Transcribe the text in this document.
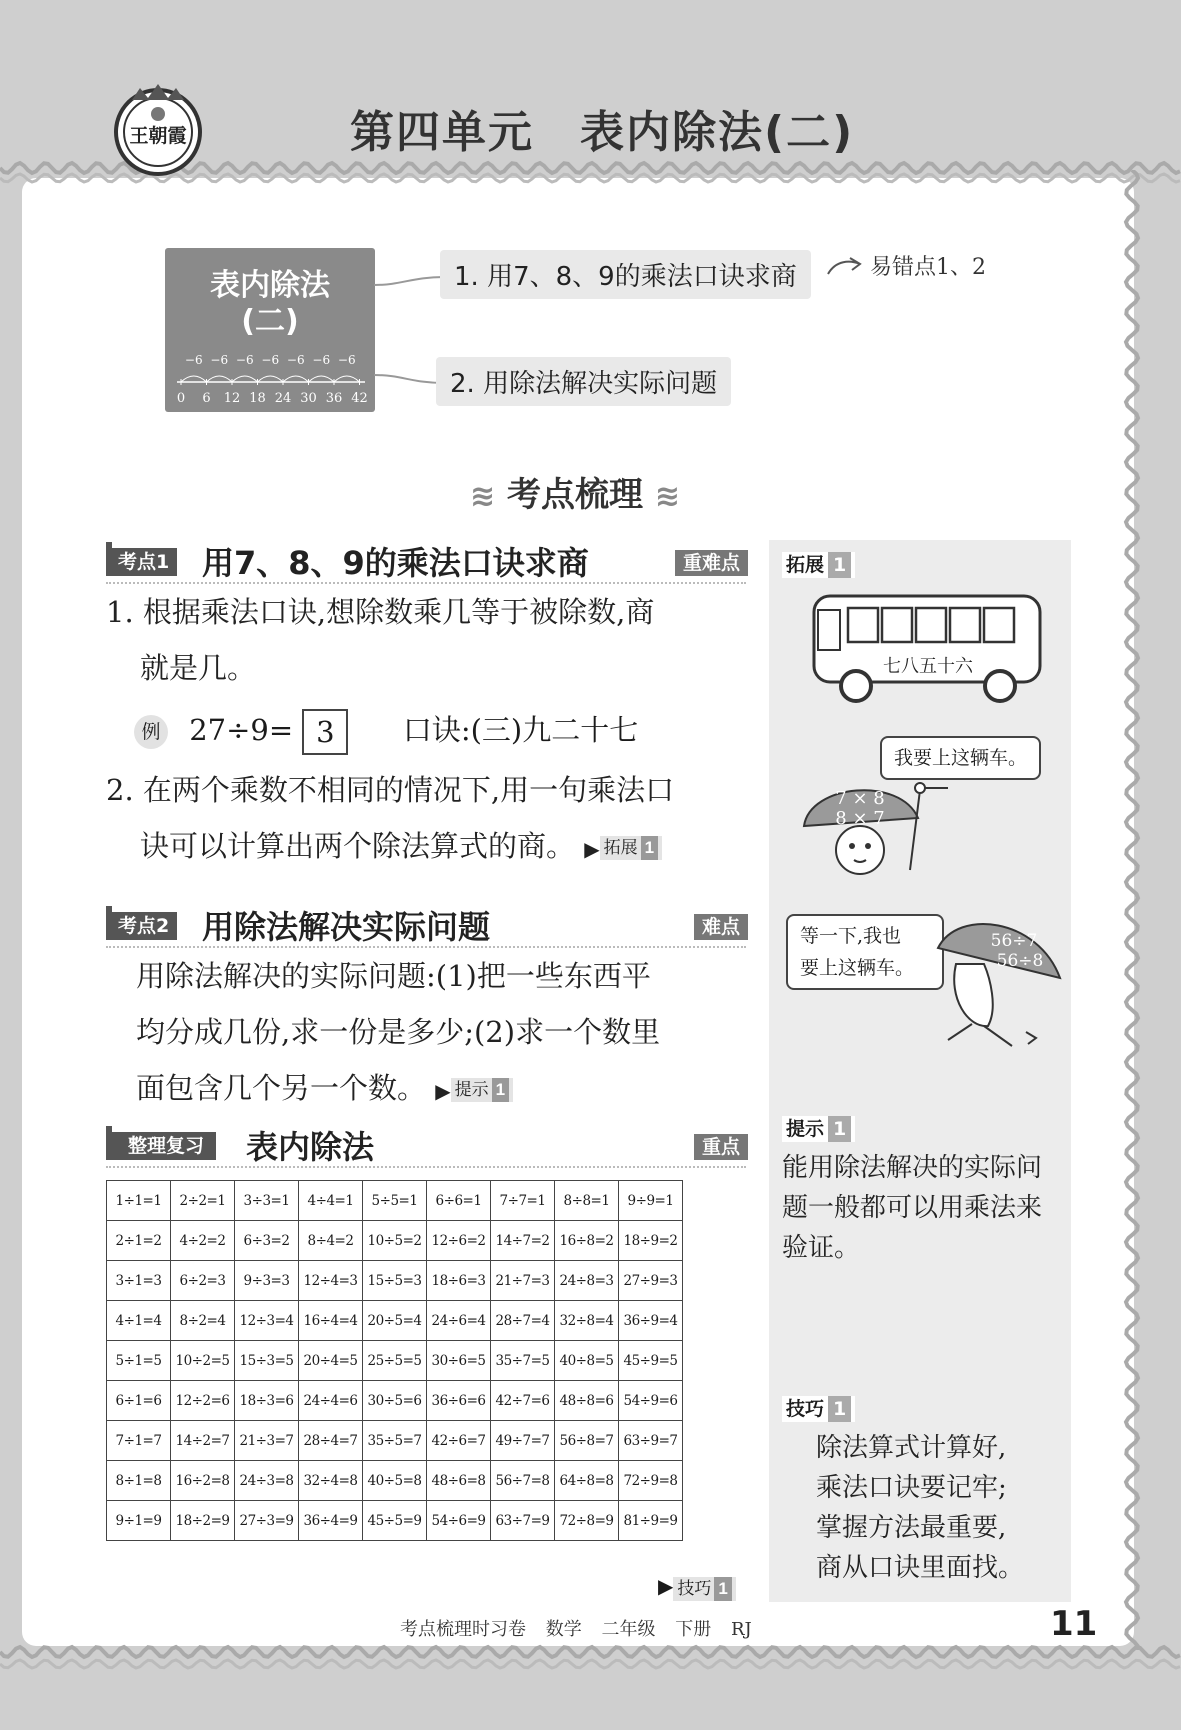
王朝霞	第四单元 表内除法(二)
表内除法
(二)
−6 −6 −6 −6 −6 −6 −6
0 6 12 18 24 30 36 42
1. 用7、8、9的乘法口诀求商
2. 用除法解决实际问题
易错点1、2
≋ 考点梳理 ≋
考点1 用7、8、9的乘法口诀求商	重难点
1. 根据乘法口诀,想除数乘几等于被除数,商
就是几。
例 27÷9= 3 口诀:(三)九二十七
2. 在两个乘数不相同的情况下,用一句乘法口
诀可以计算出两个除法算式的商。 ▶ 拓展 1
考点2 用除法解决实际问题	难点
用除法解决的实际问题:(1)把一些东西平
均分成几份,求一份是多少;(2)求一个数里
面包含几个另一个数。 ▶ 提示 1
整理复习	表内除法	重点
1÷1=1	2÷2=1	3÷3=1	4÷4=1	5÷5=1	6÷6=1	7÷7=1	8÷8=1	9÷9=1
2÷1=2	4÷2=2	6÷3=2	8÷4=2	10÷5=2	12÷6=2	14÷7=2	16÷8=2	18÷9=2
3÷1=3	6÷2=3	9÷3=3	12÷4=3	15÷5=3	18÷6=3	21÷7=3	24÷8=3	27÷9=3
4÷1=4	8÷2=4	12÷3=4	16÷4=4	20÷5=4	24÷6=4	28÷7=4	32÷8=4	36÷9=4
5÷1=5	10÷2=5	15÷3=5	20÷4=5	25÷5=5	30÷6=5	35÷7=5	40÷8=5	45÷9=5
6÷1=6	12÷2=6	18÷3=6	24÷4=6	30÷5=6	36÷6=6	42÷7=6	48÷8=6	54÷9=6
7÷1=7	14÷2=7	21÷3=7	28÷4=7	35÷5=7	42÷6=7	49÷7=7	56÷8=7	63÷9=7
8÷1=8	16÷2=8	24÷3=8	32÷4=8	40÷5=8	48÷6=8	56÷7=8	64÷8=8	72÷9=8
9÷1=9	18÷2=9	27÷3=9	36÷4=9	45÷5=9	54÷6=9	63÷7=9	72÷8=9	81÷9=9
▶ 技巧 1
拓展 1
七八五十六
我要上这辆车。
7 × 8
8 × 7
等一下,我也
要上这辆车。
56÷7
56÷8
提示 1
能用除法解决的实际问
题一般都可以用乘法来
验证。
技巧 1
除法算式计算好,
乘法口诀要记牢;
掌握方法最重要,
商从口诀里面找。
考点梳理时习卷 数学 二年级 下册 RJ	11
